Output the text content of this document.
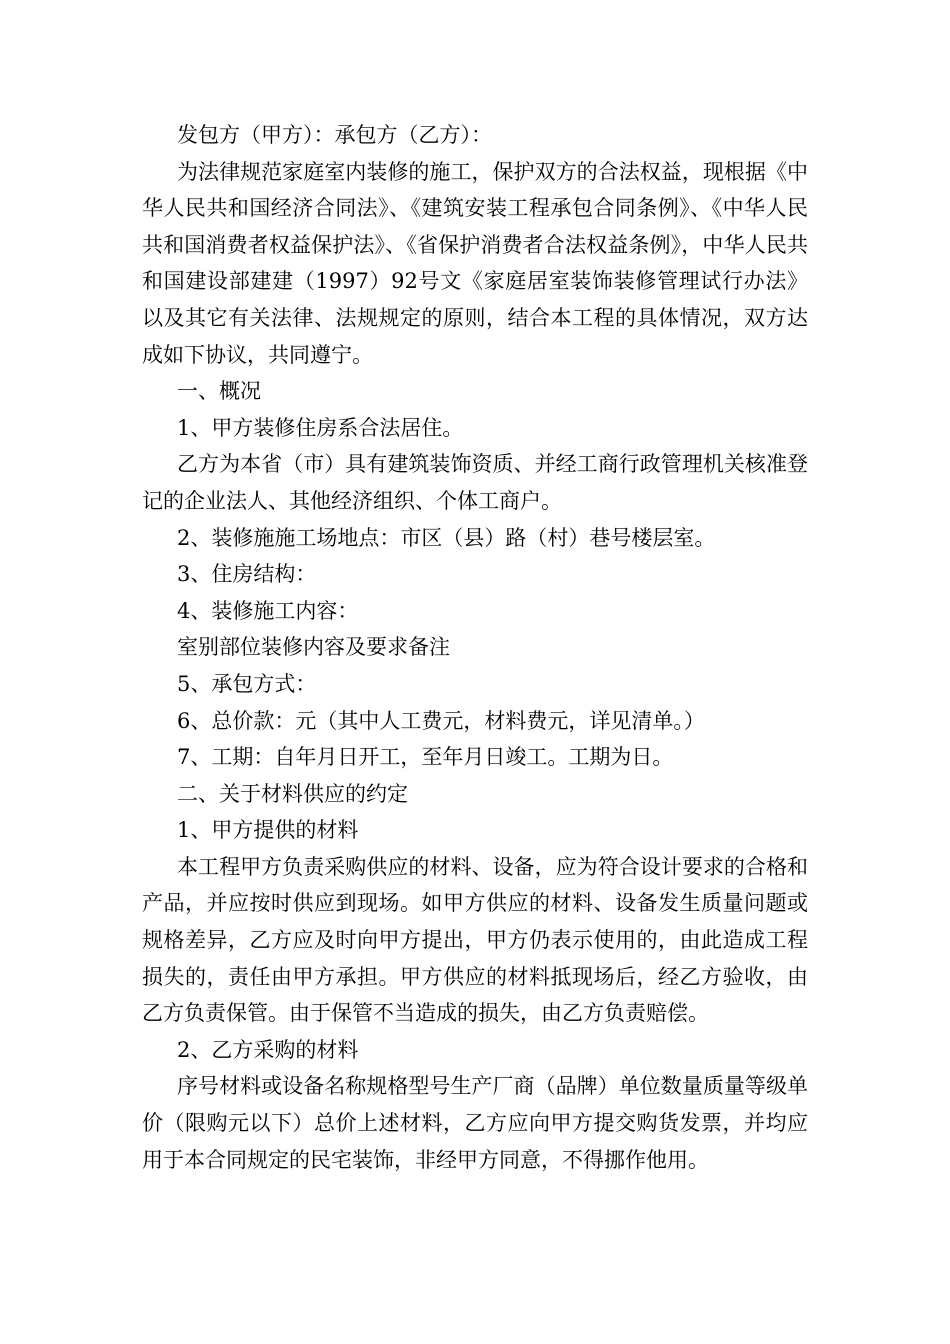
发包方（甲方）：承包方（乙方）：

为法律规范家庭室内装修的施工，保护双方的合法权益，现根据《中华人民共和国经济合同法》、《建筑安装工程承包合同条例》、《中华人民共和国消费者权益保护法》、《省保护消费者合法权益条例》，中华人民共和国建设部建建（1997）92号文《家庭居室装饰装修管理试行办法》以及其它有关法律、法规规定的原则，结合本工程的具体情况，双方达成如下协议，共同遵宁。

一、概况

1、甲方装修住房系合法居住。

乙方为本省（市）具有建筑装饰资质、并经工商行政管理机关核准登记的企业法人、其他经济组织、个体工商户。

2、装修施施工场地点：市区（县）路（村）巷号楼层室。

3、住房结构：

4、装修施工内容：

室别部位装修内容及要求备注

5、承包方式：

6、总价款：元（其中人工费元，材料费元，详见清单。）

7、工期：自年月日开工，至年月日竣工。工期为日。

二、关于材料供应的约定

1、甲方提供的材料

本工程甲方负责采购供应的材料、设备，应为符合设计要求的合格和产品，并应按时供应到现场。如甲方供应的材料、设备发生质量问题或规格差异，乙方应及时向甲方提出，甲方仍表示使用的，由此造成工程损失的，责任由甲方承担。甲方供应的材料抵现场后，经乙方验收，由乙方负责保管。由于保管不当造成的损失，由乙方负责赔偿。

2、乙方采购的材料

序号材料或设备名称规格型号生产厂商（品牌）单位数量质量等级单价（限购元以下）总价上述材料，乙方应向甲方提交购货发票，并均应用于本合同规定的民宅装饰，非经甲方同意，不得挪作他用。
